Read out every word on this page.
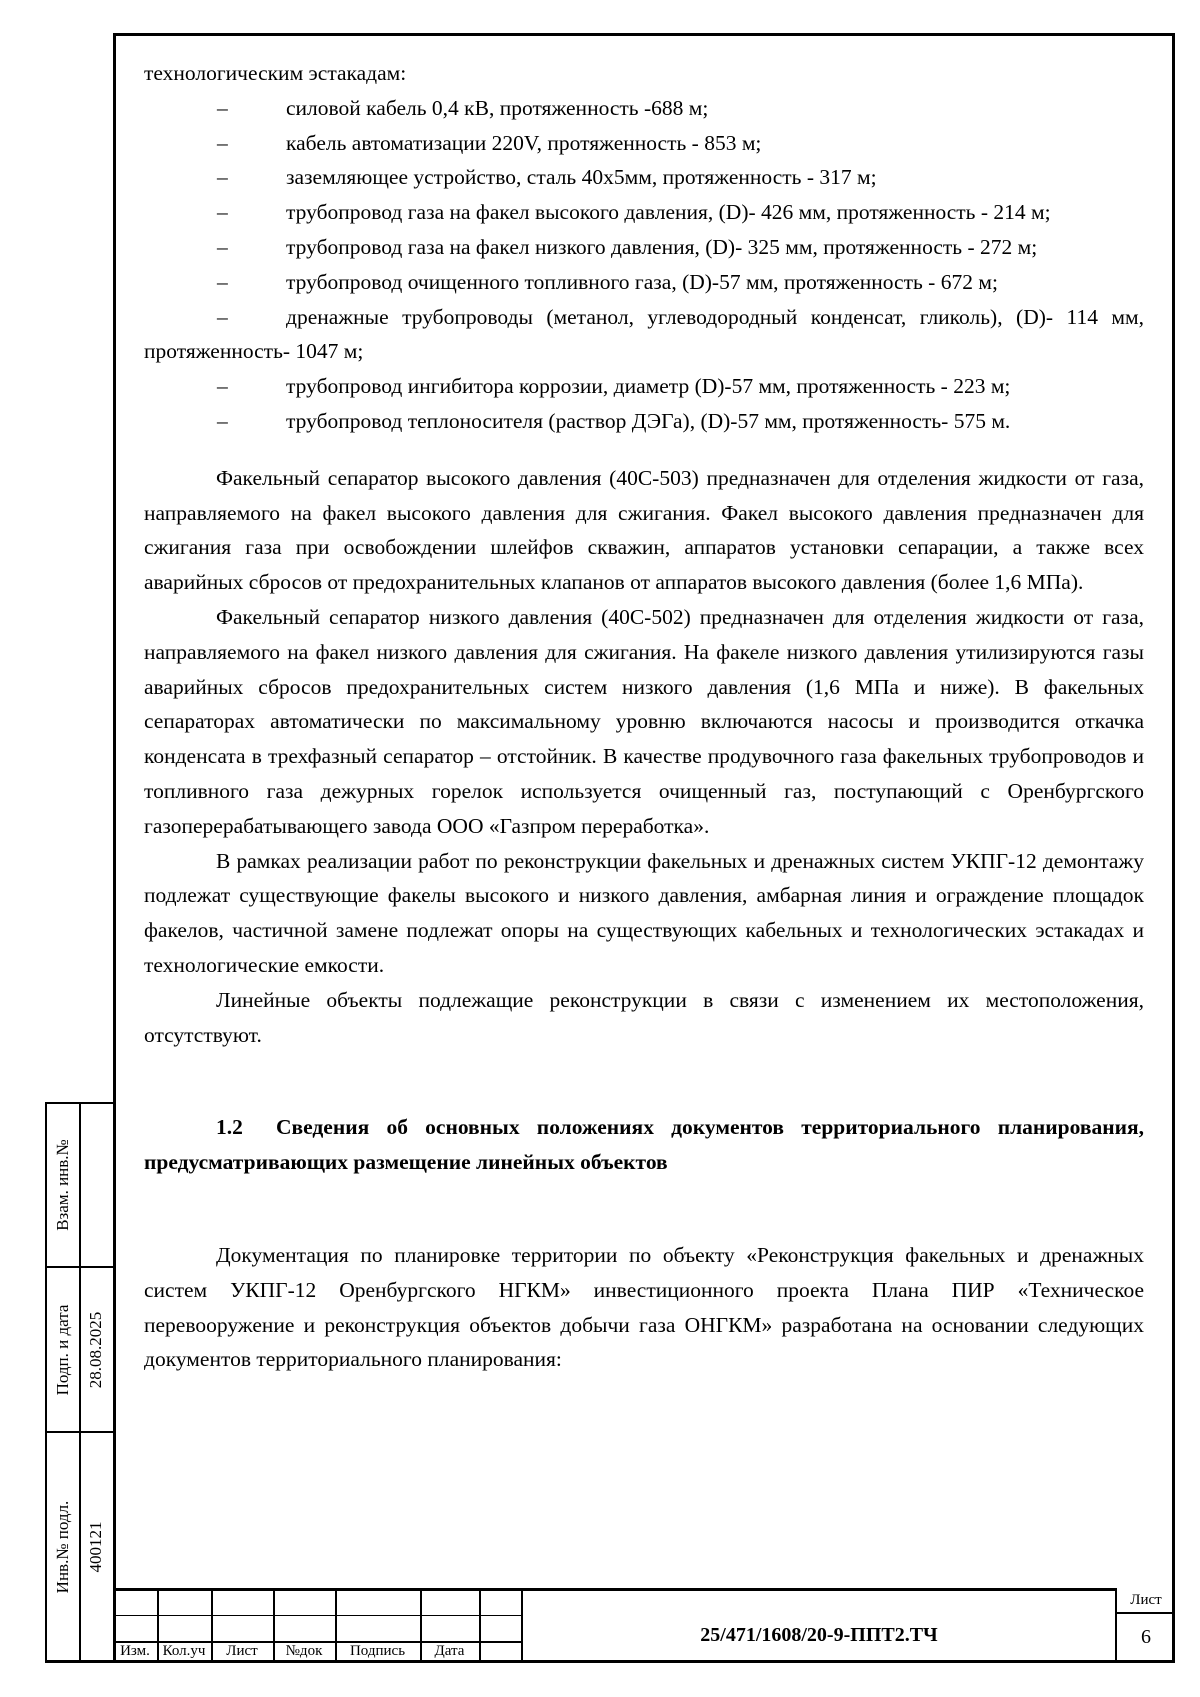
технологическим эстакадам:

–	силовой кабель 0,4 кВ, протяженность -688 м;
–	кабель автоматизации 220V, протяженность - 853 м;
–	заземляющее устройство, сталь 40х5мм, протяженность - 317 м;

–	трубопровод газа на факел высокого давления, (D)- 426 мм, протяженность - 214 м;

–	трубопровод газа на факел низкого давления, (D)- 325 мм, протяженность - 272 м;
–	трубопровод очищенного топливного газа, (D)-57 мм, протяженность - 672 м;

–	дренажные трубопроводы (метанол, углеводородный конденсат, гликоль), (D)- 114 мм, протяженность- 1047 м;

–	трубопровод ингибитора коррозии, диаметр (D)-57 мм, протяженность - 223 м;
–	трубопровод теплоносителя (раствор ДЭГа), (D)-57 мм, протяженность- 575 м.

Факельный сепаратор высокого давления (40С-503) предназначен для отделения жидкости от газа, направляемого на факел высокого давления для сжигания. Факел высокого давления предназначен для сжигания газа при освобождении шлейфов скважин, аппаратов установки сепарации, а также всех аварийных сбросов от предохранительных клапанов от аппаратов высокого давления (более 1,6 МПа).

Факельный сепаратор низкого давления (40С-502) предназначен для отделения жидкости от газа, направляемого на факел низкого давления для сжигания. На факеле низкого давления утилизируются газы аварийных сбросов предохранительных систем низкого давления (1,6 МПа и ниже). В факельных сепараторах автоматически по максимальному уровню включаются насосы и производится откачка конденсата в трехфазный сепаратор – отстойник. В качестве продувочного газа факельных трубопроводов и топливного газа дежурных горелок используется очищенный газ, поступающий с Оренбургского газоперерабатывающего завода ООО «Газпром переработка».

В рамках реализации работ по реконструкции факельных и дренажных систем УКПГ-12 демонтажу подлежат существующие факелы высокого и низкого давления, амбарная линия и ограждение площадок факелов, частичной замене подлежат опоры на существующих кабельных и технологических эстакадах и технологические емкости.

Линейные объекты подлежащие реконструкции в связи с изменением их местоположения, отсутствуют.

1.2 Сведения об основных положениях документов территориального планирования, предусматривающих размещение линейных объектов

Документация по планировке территории по объекту «Реконструкция факельных и дренажных систем УКПГ-12 Оренбургского НГКМ» инвестиционного проекта Плана ПИР «Техническое перевооружение и реконструкция объектов добычи газа ОНГКМ» разработана на основании следующих документов территориального планирования:

Взам. инв.№
Подп. и дата 28.08.2025
Инв.№ подл. 400121
Изм. Кол.уч	Лист	№док	Подпись	Дата
25/471/1608/20-9-ППТ2.ТЧ
Лист
6
